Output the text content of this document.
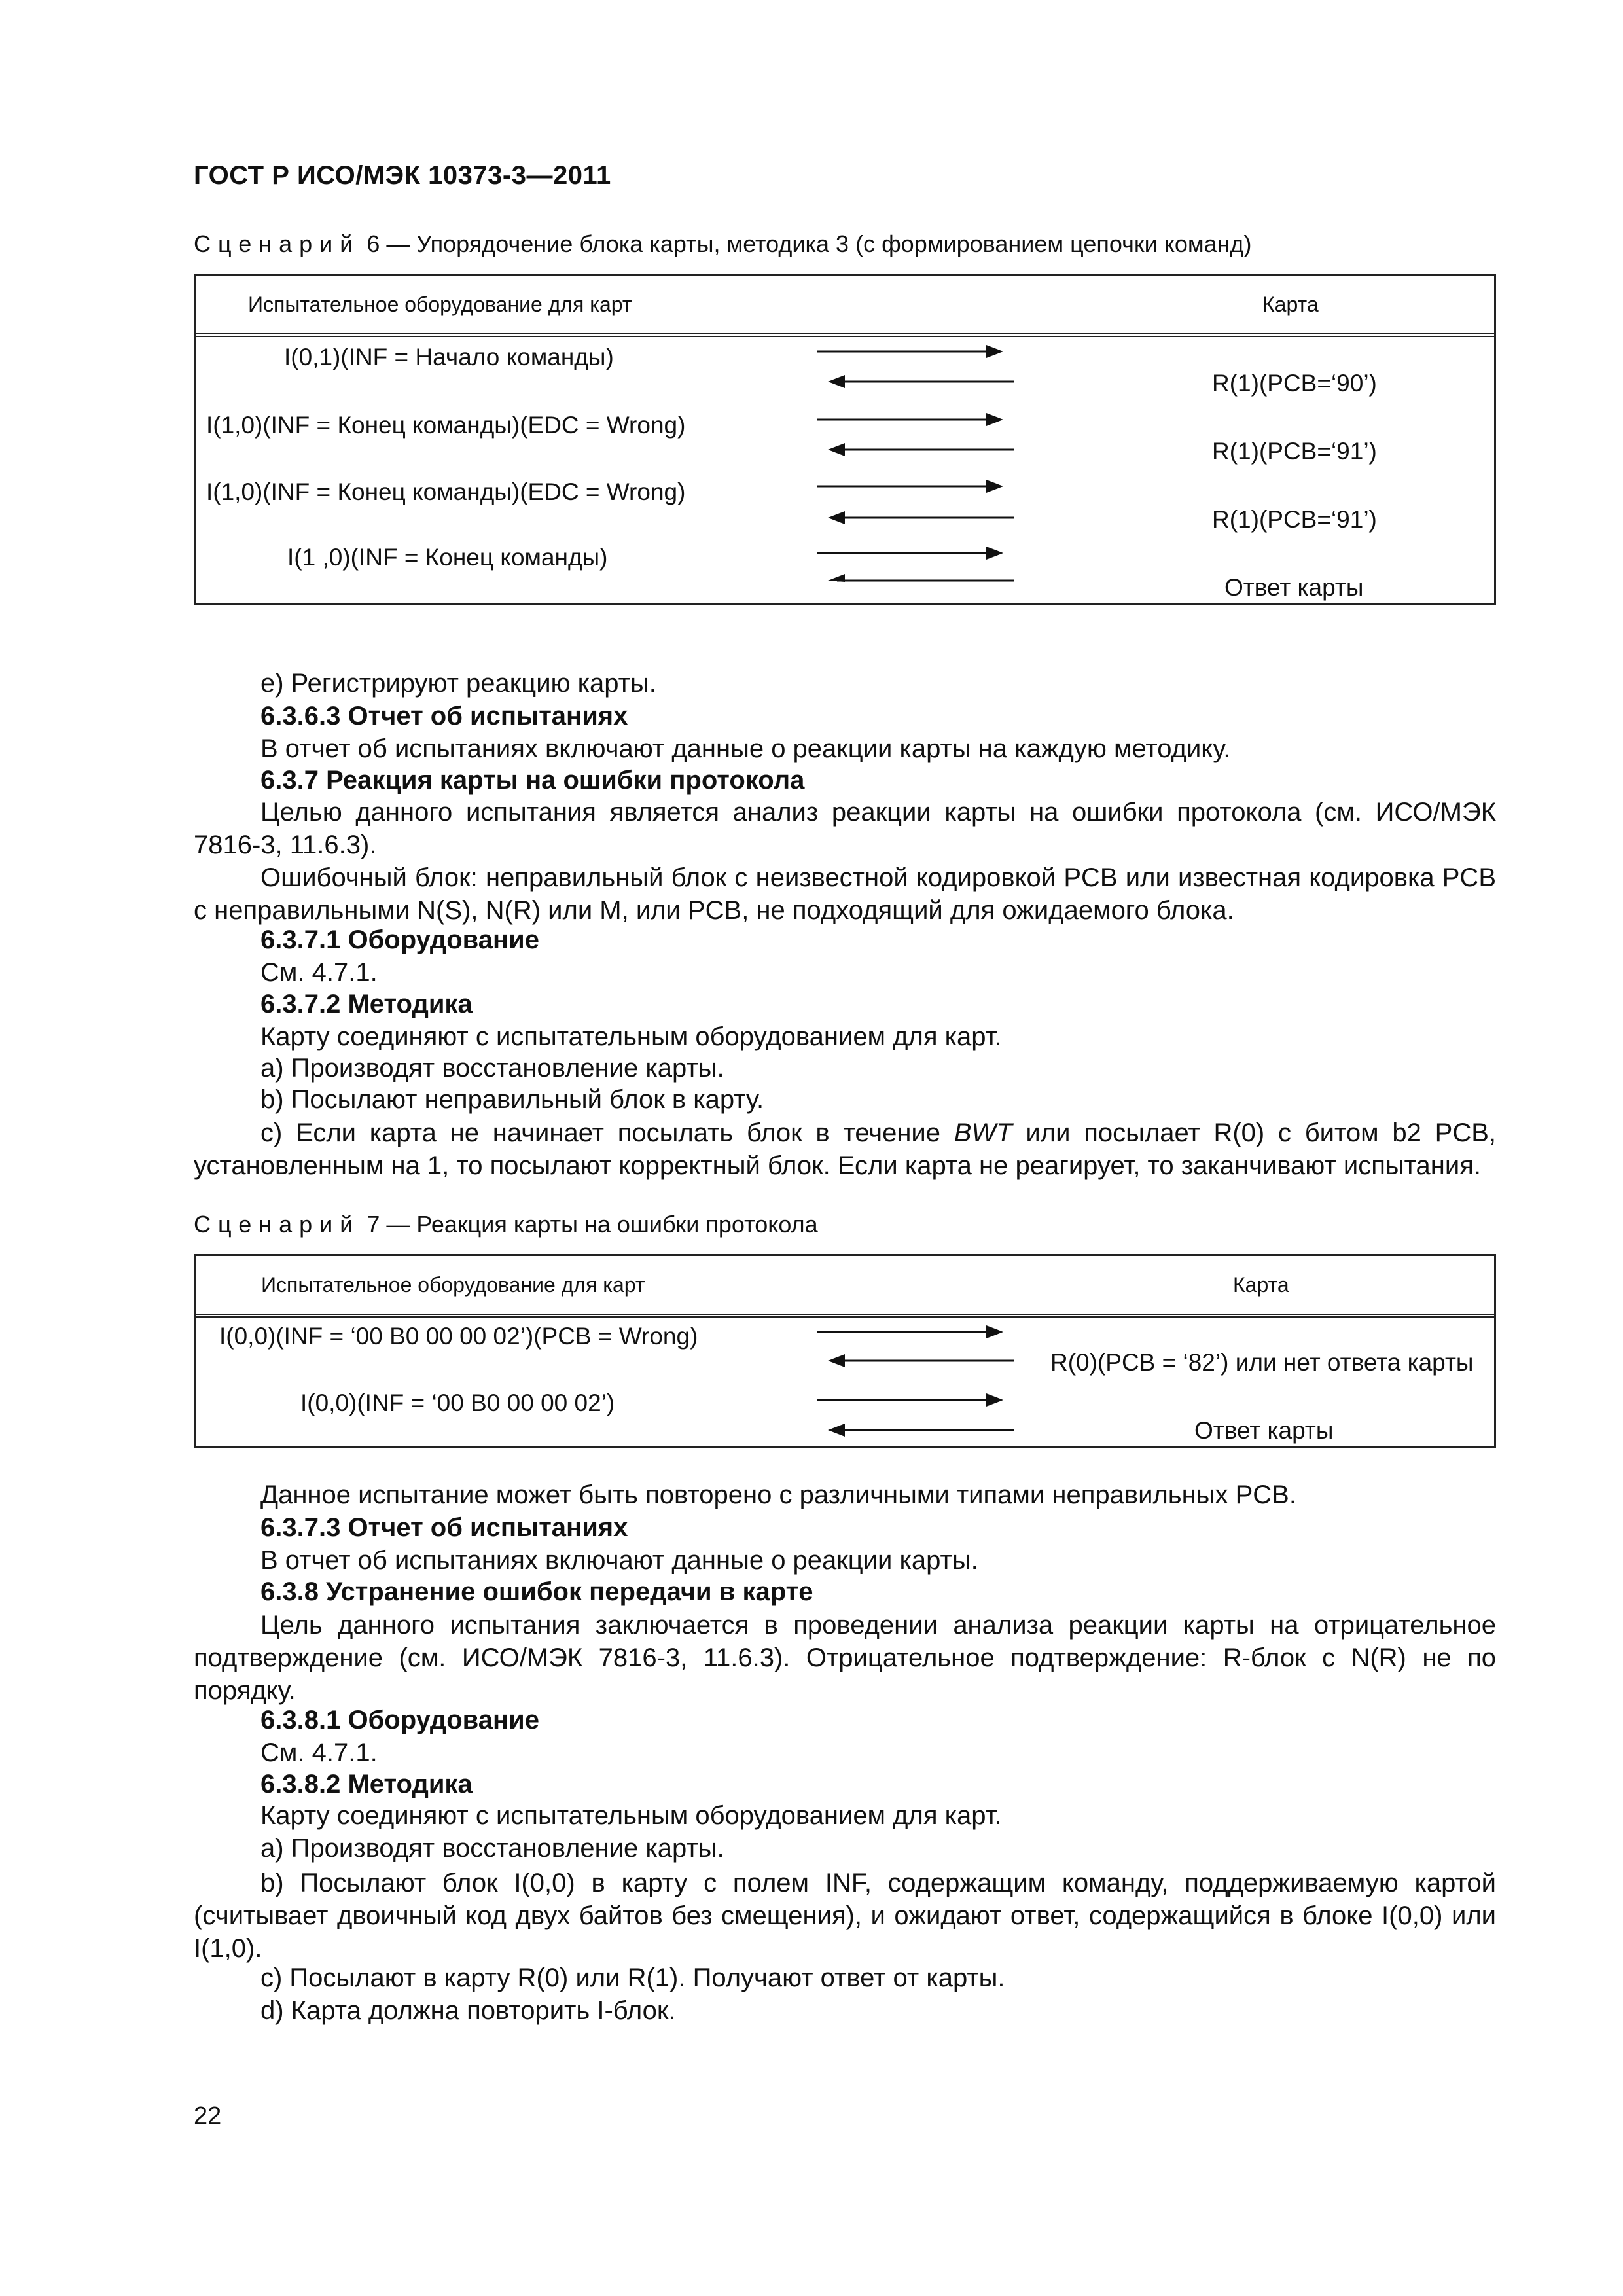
ГОСТ Р ИСО/МЭК 10373-3—2011
Сценарий 6 — Упорядочение блока карты, методика 3 (с формированием цепочки команд)
Испытательное оборудование для карт	Карта
I(0,1)(INF = Начало команды)
R(1)(PCB=‘90’)
I(1,0)(INF = Конец команды)(EDC = Wrong)
R(1)(PCB=‘91’)
I(1,0)(INF = Конец команды)(EDC = Wrong)
R(1)(PCB=‘91’)
I(1 ,0)(INF = Конец команды)
Ответ карты
е) Регистрируют реакцию карты.
6.3.6.3 Отчет об испытаниях
В отчет об испытаниях включают данные о реакции карты на каждую методику.
6.3.7 Реакция карты на ошибки протокола
Целью данного испытания является анализ реакции карты на ошибки протокола (см. ИСО/МЭК 7816-3, 11.6.3).
Ошибочный блок: неправильный блок с неизвестной кодировкой PCB или известная кодировка PCB с неправильными N(S), N(R) или M, или PCB, не подходящий для ожидаемого блока.
6.3.7.1 Оборудование
См. 4.7.1.
6.3.7.2 Методика
Карту соединяют с испытательным оборудованием для карт.
a) Производят восстановление карты.
b) Посылают неправильный блок в карту.
с) Если карта не начинает посылать блок в течение BWT или посылает R(0) с битом b2 PCB, установленным на 1, то посылают корректный блок. Если карта не реагирует, то заканчивают испытания.
Сценарий 7 — Реакция карты на ошибки протокола
Испытательное оборудование для карт	Карта
I(0,0)(INF = ‘00 B0 00 00 02’)(PCB = Wrong)
R(0)(PCB = ‘82’) или нет ответа карты
I(0,0)(INF = ‘00 B0 00 00 02’)
Ответ карты
Данное испытание может быть повторено с различными типами неправильных PCB.
6.3.7.3 Отчет об испытаниях
В отчет об испытаниях включают данные о реакции карты.
6.3.8 Устранение ошибок передачи в карте
Цель данного испытания заключается в проведении анализа реакции карты на отрицательное подтверждение (см. ИСО/МЭК 7816-3, 11.6.3). Отрицательное подтверждение: R-блок с N(R) не по порядку.
6.3.8.1 Оборудование
См. 4.7.1.
6.3.8.2 Методика
Карту соединяют с испытательным оборудованием для карт.
a) Производят восстановление карты.
b) Посылают блок I(0,0) в карту с полем INF, содержащим команду, поддерживаемую картой (считывает двоичный код двух байтов без смещения), и ожидают ответ, содержащийся в блоке I(0,0) или I(1,0).
c) Посылают в карту R(0) или R(1). Получают ответ от карты.
d) Карта должна повторить I-блок.
22
